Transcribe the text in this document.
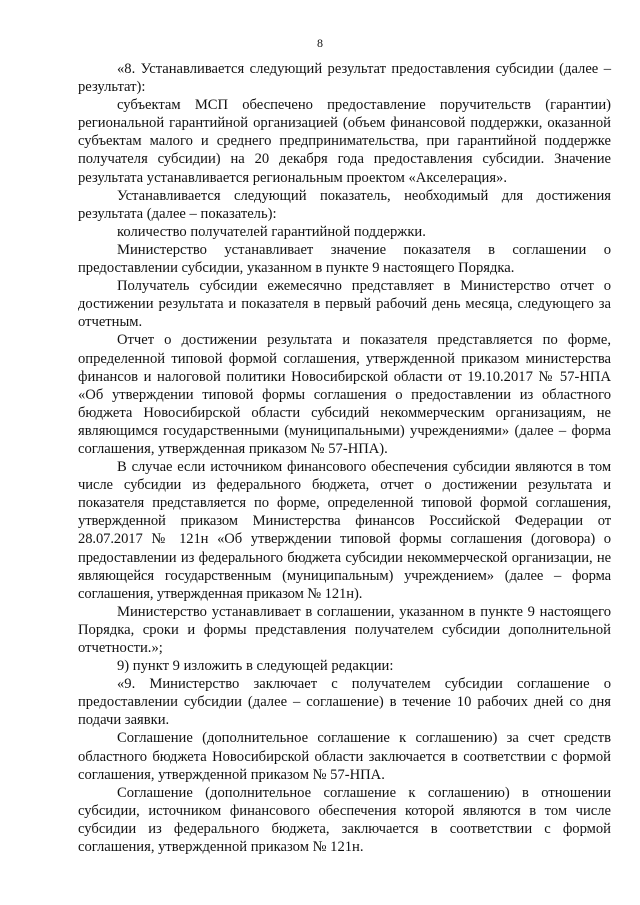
8

«8. Устанавливается следующий результат предоставления субсидии (далее – результат):

субъектам МСП обеспечено предоставление поручительств (гарантии) региональной гарантийной организацией (объем финансовой поддержки, оказанной субъектам малого и среднего предпринимательства, при гарантийной поддержке получателя субсидии) на 20 декабря года предоставления субсидии. Значение результата устанавливается региональным проектом «Акселерация».

Устанавливается следующий показатель, необходимый для достижения результата (далее – показатель):

количество получателей гарантийной поддержки.

Министерство устанавливает значение показателя в соглашении о предоставлении субсидии, указанном в пункте 9 настоящего Порядка.

Получатель субсидии ежемесячно представляет в Министерство отчет о достижении результата и показателя в первый рабочий день месяца, следующего за отчетным.

Отчет о достижении результата и показателя представляется по форме, определенной типовой формой соглашения, утвержденной приказом министерства финансов и налоговой политики Новосибирской области от 19.10.2017 № 57-НПА «Об утверждении типовой формы соглашения о предоставлении из областного бюджета Новосибирской области субсидий некоммерческим организациям, не являющимся государственными (муниципальными) учреждениями» (далее – форма соглашения, утвержденная приказом № 57-НПА).

В случае если источником финансового обеспечения субсидии являются в том числе субсидии из федерального бюджета, отчет о достижении результата и показателя представляется по форме, определенной типовой формой соглашения, утвержденной приказом Министерства финансов Российской Федерации от 28.07.2017 № 121н «Об утверждении типовой формы соглашения (договора) о предоставлении из федерального бюджета субсидии некоммерческой организации, не являющейся государственным (муниципальным) учреждением» (далее – форма соглашения, утвержденная приказом № 121н).

Министерство устанавливает в соглашении, указанном в пункте 9 настоящего Порядка, сроки и формы представления получателем субсидии дополнительной отчетности.»;

9) пункт 9 изложить в следующей редакции:

«9. Министерство заключает с получателем субсидии соглашение о предоставлении субсидии (далее – соглашение) в течение 10 рабочих дней со дня подачи заявки.

Соглашение (дополнительное соглашение к соглашению) за счет средств областного бюджета Новосибирской области заключается в соответствии с формой соглашения, утвержденной приказом № 57-НПА.

Соглашение (дополнительное соглашение к соглашению) в отношении субсидии, источником финансового обеспечения которой являются в том числе субсидии из федерального бюджета, заключается в соответствии с формой соглашения, утвержденной приказом № 121н.
